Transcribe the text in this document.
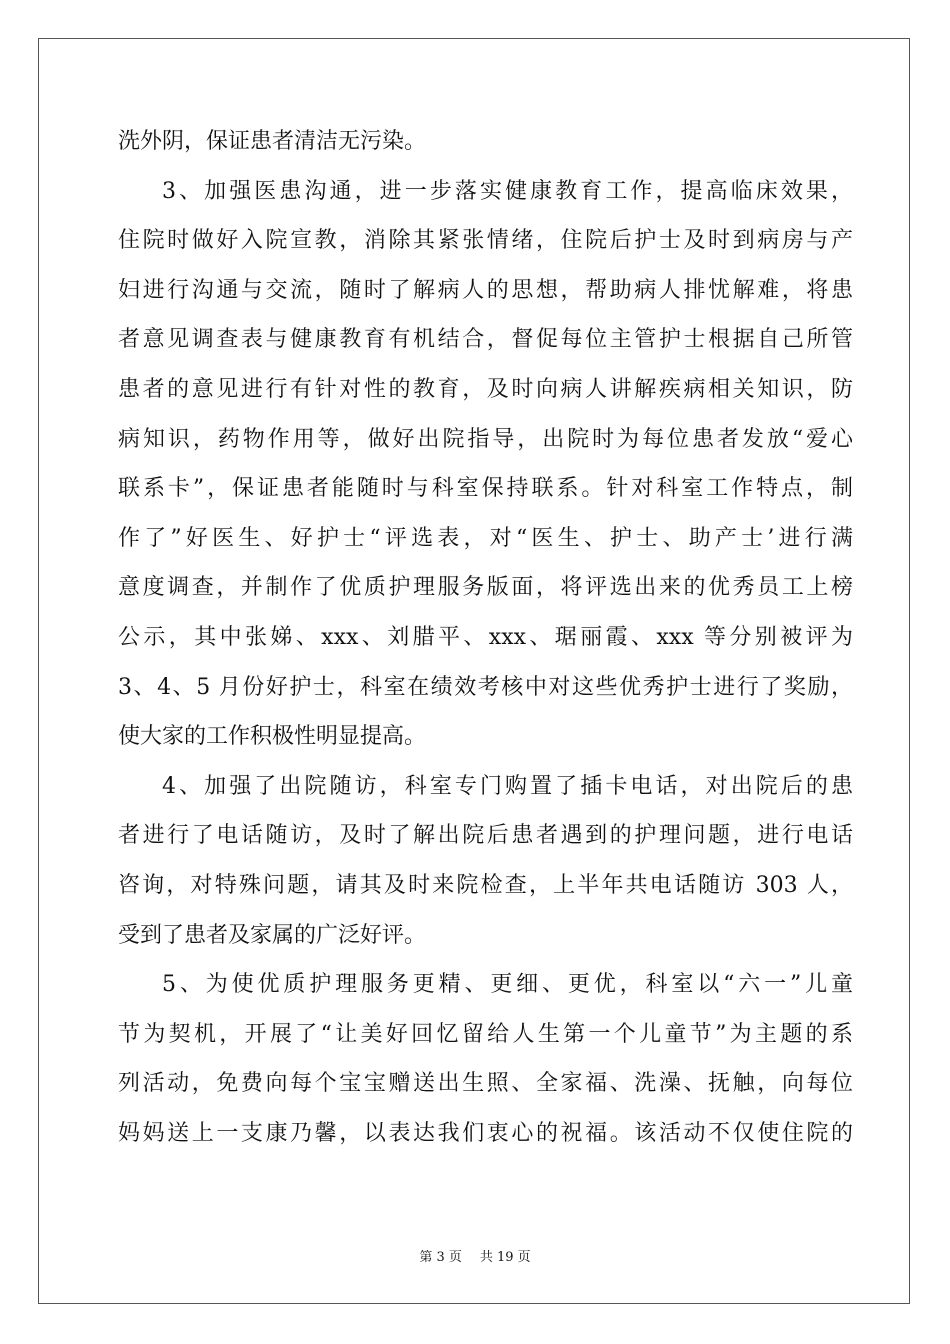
洗外阴，保证患者清洁无污染。
3、加强医患沟通，进一步落实健康教育工作，提高临床效果，
住院时做好入院宣教，消除其紧张情绪，住院后护士及时到病房与产
妇进行沟通与交流，随时了解病人的思想，帮助病人排忧解难，将患
者意见调查表与健康教育有机结合，督促每位主管护士根据自己所管
患者的意见进行有针对性的教育，及时向病人讲解疾病相关知识，防
病知识，药物作用等，做好出院指导，出院时为每位患者发放“爱心
联系卡”，保证患者能随时与科室保持联系。针对科室工作特点，制
作了”好医生、好护士“评选表，对“医生、护士、助产士’进行满
意度调查，并制作了优质护理服务版面，将评选出来的优秀员工上榜
公示，其中张娣、xxx、刘腊平、xxx、琚丽霞、xxx 等分别被评为
3、4、5 月份好护士，科室在绩效考核中对这些优秀护士进行了奖励，
使大家的工作积极性明显提高。
4、加强了出院随访，科室专门购置了插卡电话，对出院后的患
者进行了电话随访，及时了解出院后患者遇到的护理问题，进行电话
咨询，对特殊问题，请其及时来院检查，上半年共电话随访 303 人，
受到了患者及家属的广泛好评。
5、为使优质护理服务更精、更细、更优，科室以“六一”儿童
节为契机，开展了“让美好回忆留给人生第一个儿童节”为主题的系
列活动，免费向每个宝宝赠送出生照、全家福、洗澡、抚触，向每位
妈妈送上一支康乃馨，以表达我们衷心的祝福。该活动不仅使住院的
第 3 页 共 19 页
